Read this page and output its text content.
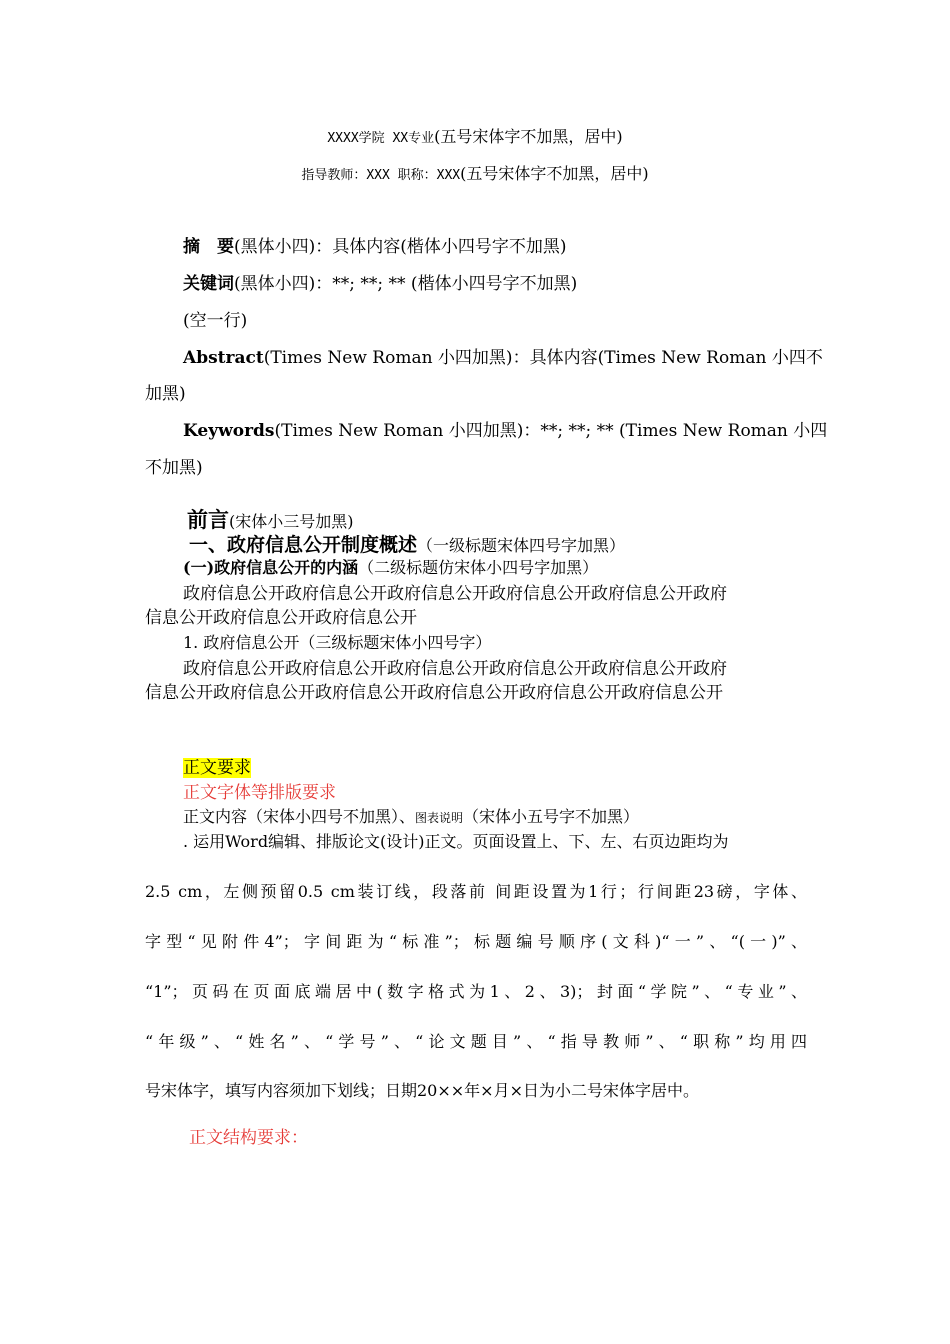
XXXX学院 XX专业(五号宋体字不加黑，居中)
指导教师：XXX 职称：XXX(五号宋体字不加黑，居中)
摘　要(黑体小四)：具体内容(楷体小四号字不加黑)
关键词(黑体小四)：**; **; ** (楷体小四号字不加黑)
(空一行)
Abstract(Times New Roman 小四加黑)：具体内容(Times New Roman 小四不
加黑)
Keywords(Times New Roman 小四加黑)：**; **; ** (Times New Roman 小四
不加黑)
前言(宋体小三号加黑)
一、政府信息公开制度概述（一级标题宋体四号字加黑）
(一)政府信息公开的内涵（二级标题仿宋体小四号字加黑）
政府信息公开政府信息公开政府信息公开政府信息公开政府信息公开政府
信息公开政府信息公开政府信息公开
1. 政府信息公开（三级标题宋体小四号字）
政府信息公开政府信息公开政府信息公开政府信息公开政府信息公开政府
信息公开政府信息公开政府信息公开政府信息公开政府信息公开政府信息公开
正文要求
正文字体等排版要求
正文内容（宋体小四号不加黑）、图表说明（宋体小五号字不加黑）
. 运用Word编辑、排版论文(设计)正文。页面设置上、下、左、右页边距均为
2.5 cm，左侧预留0.5 cm装订线，段落前 间距设置为1行；行间距23磅，字体、
字型“见附件4”；字间距为“标准”；标题编号顺序(文科)“一”、“(一)”、
“1”；页码在页面底端居中(数字格式为1、2、3)；封面“学院”、“专业”、
“年级”、“姓名”、“学号”、“论文题目”、“指导教师”、“职称”均用四
号宋体字，填写内容须加下划线；日期20××年×月×日为小二号宋体字居中。
正文结构要求：
